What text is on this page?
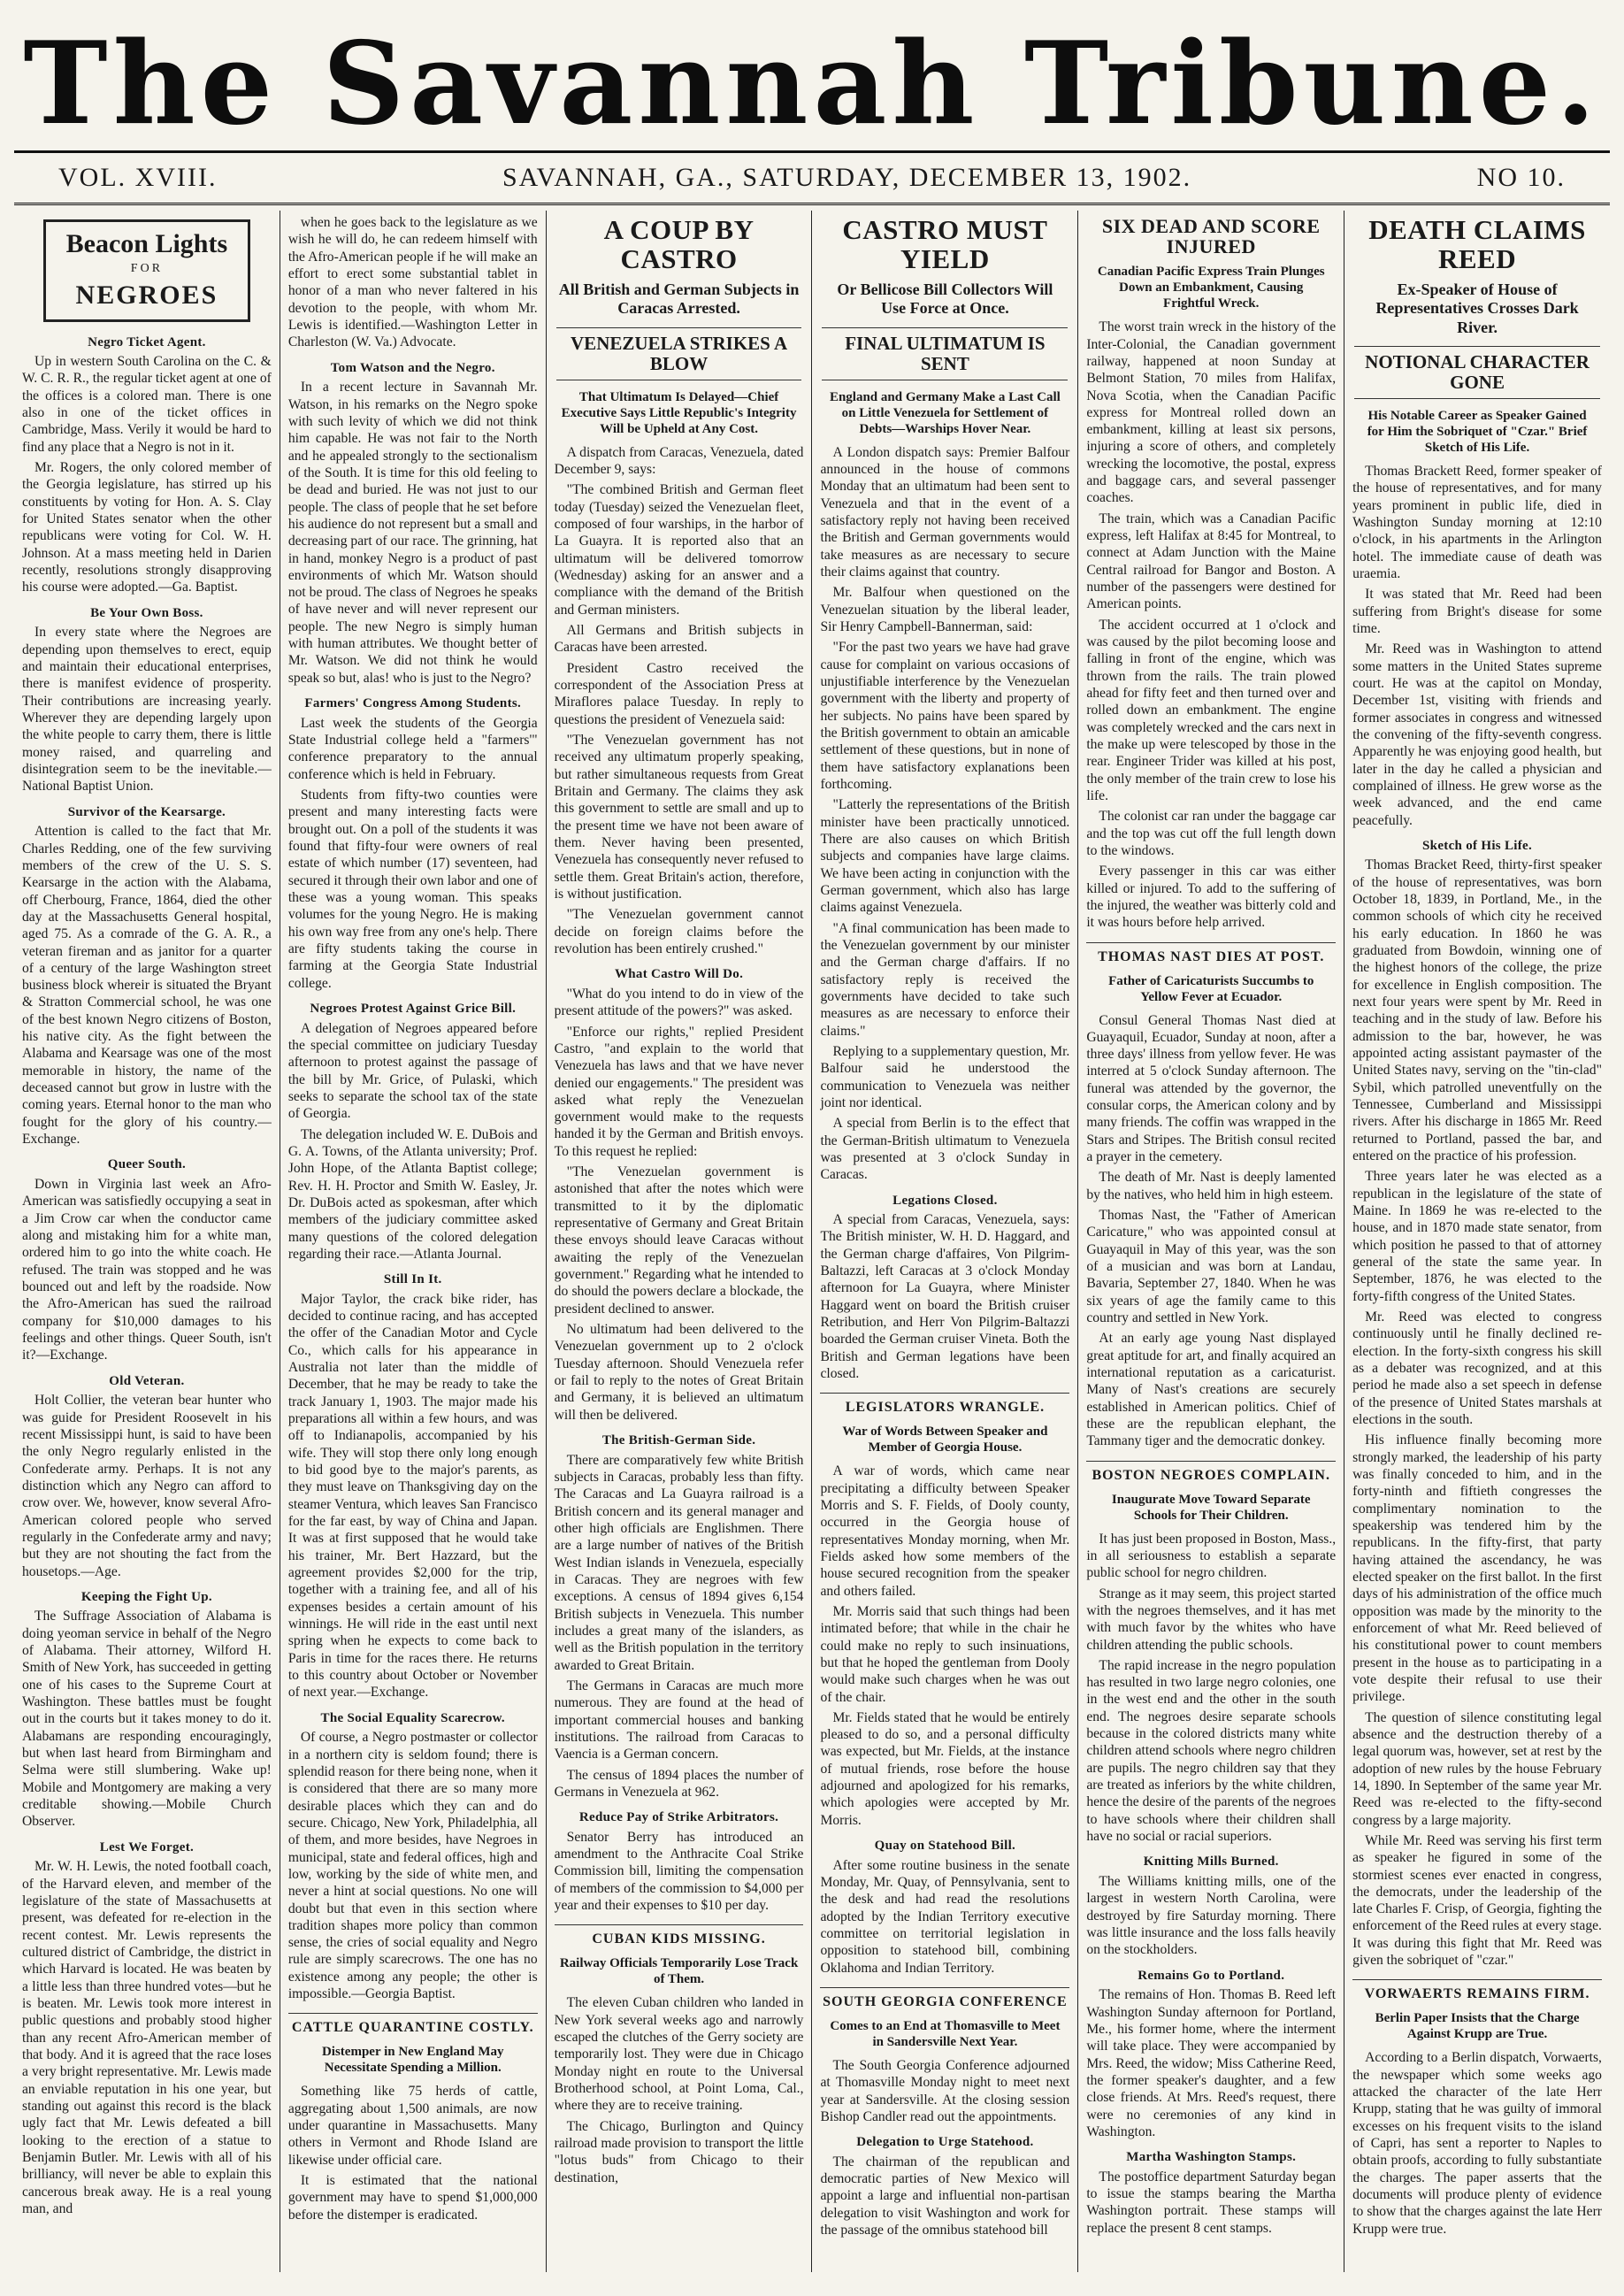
The Savannah Tribune.
VOL. XVIII.	SAVANNAH, GA., SATURDAY, DECEMBER 13, 1902.	NO 10.
Beacon Lights
FOR
NEGROES
Negro Ticket Agent.

Up in western South Carolina on the C. & W. C. R. R., the regular ticket agent at one of the offices is a colored man. There is one also in one of the ticket offices in Cambridge, Mass. Verily it would be hard to find any place that a Negro is not in it.

Mr. Rogers, the only colored member of the Georgia legislature, has stirred up his constituents by voting for Hon. A. S. Clay for United States senator when the other republicans were voting for Col. W. H. Johnson. At a mass meeting held in Darien recently, resolutions strongly disapproving his course were adopted.—Ga. Baptist.

Be Your Own Boss.

In every state where the Negroes are depending upon themselves to erect, equip and maintain their educational enterprises, there is manifest evidence of prosperity. Their contributions are increasing yearly. Wherever they are depending largely upon the white people to carry them, there is little money raised, and quarreling and disintegration seem to be the inevitable.—National Baptist Union.

Survivor of the Kearsarge.

Attention is called to the fact that Mr. Charles Redding, one of the few surviving members of the crew of the U. S. S. Kearsarge in the action with the Alabama, off Cherbourg, France, 1864, died the other day at the Massachusetts General hospital, aged 75. As a comrade of the G. A. R., a veteran fireman and as janitor for a quarter of a century of the large Washington street business block whereir is situated the Bryant & Stratton Commercial school, he was one of the best known Negro citizens of Boston, his native city. As the fight between the Alabama and Kearsage was one of the most memorable in history, the name of the deceased cannot but grow in lustre with the coming years. Eternal honor to the man who fought for the glory of his country.—Exchange.

Queer South.

Down in Virginia last week an Afro-American was satisfiedly occupying a seat in a Jim Crow car when the conductor came along and mistaking him for a white man, ordered him to go into the white coach. He refused. The train was stopped and he was bounced out and left by the roadside. Now the Afro-American has sued the railroad company for $10,000 damages to his feelings and other things. Queer South, isn't it?—Exchange.

Old Veteran.

Holt Collier, the veteran bear hunter who was guide for President Roosevelt in his recent Mississippi hunt, is said to have been the only Negro regularly enlisted in the Confederate army. Perhaps. It is not any distinction which any Negro can afford to crow over. We, however, know several Afro-American colored people who served regularly in the Confederate army and navy; but they are not shouting the fact from the housetops.—Age.

Keeping the Fight Up.

The Suffrage Association of Alabama is doing yeoman service in behalf of the Negro of Alabama. Their attorney, Wilford H. Smith of New York, has succeeded in getting one of his cases to the Supreme Court at Washington. These battles must be fought out in the courts but it takes money to do it. Alabamans are responding encouragingly, but when last heard from Birmingham and Selma were still slumbering. Wake up! Mobile and Montgomery are making a very creditable showing.—Mobile Church Observer.

Lest We Forget.

Mr. W. H. Lewis, the noted football coach, of the Harvard eleven, and member of the legislature of the state of Massachusetts at present, was defeated for re-election in the recent contest. Mr. Lewis represents the cultured district of Cambridge, the district in which Harvard is located. He was beaten by a little less than three hundred votes—but he is beaten. Mr. Lewis took more interest in public questions and probably stood higher than any recent Afro-American member of that body. And it is agreed that the race loses a very bright representative. Mr. Lewis made an enviable reputation in his one year, but standing out against this record is the black ugly fact that Mr. Lewis defeated a bill looking to the erection of a statue to Benjamin Butler. Mr. Lewis with all of his brilliancy, will never be able to explain this cancerous break away. He is a real young man, and

when he goes back to the legislature as we wish he will do, he can redeem himself with the Afro-American people if he will make an effort to erect some substantial tablet in honor of a man who never faltered in his devotion to the people, with whom Mr. Lewis is identified.—Washington Letter in Charleston (W. Va.) Advocate.

Tom Watson and the Negro.

In a recent lecture in Savannah Mr. Watson, in his remarks on the Negro spoke with such levity of which we did not think him capable. He was not fair to the North and he appealed strongly to the sectionalism of the South. It is time for this old feeling to be dead and buried. He was not just to our people. The class of people that he set before his audience do not represent but a small and decreasing part of our race. The grinning, hat in hand, monkey Negro is a product of past environments of which Mr. Watson should not be proud. The class of Negroes he speaks of have never and will never represent our people. The new Negro is simply human with human attributes. We thought better of Mr. Watson. We did not think he would speak so but, alas! who is just to the Negro?

Farmers' Congress Among Students.

Last week the students of the Georgia State Industrial college held a "farmers'" conference preparatory to the annual conference which is held in February.

Students from fifty-two counties were present and many interesting facts were brought out. On a poll of the students it was found that fifty-four were owners of real estate of which number (17) seventeen, had secured it through their own labor and one of these was a young woman. This speaks volumes for the young Negro. He is making his own way free from any one's help. There are fifty students taking the course in farming at the Georgia State Industrial college.

Negroes Protest Against Grice Bill.

A delegation of Negroes appeared before the special committee on judiciary Tuesday afternoon to protest against the passage of the bill by Mr. Grice, of Pulaski, which seeks to separate the school tax of the state of Georgia.

The delegation included W. E. DuBois and G. A. Towns, of the Atlanta university; Prof. John Hope, of the Atlanta Baptist college; Rev. H. H. Proctor and Smith W. Easley, Jr. Dr. DuBois acted as spokesman, after which members of the judiciary committee asked many questions of the colored delegation regarding their race.—Atlanta Journal.

Still In It.

Major Taylor, the crack bike rider, has decided to continue racing, and has accepted the offer of the Canadian Motor and Cycle Co., which calls for his appearance in Australia not later than the middle of December, that he may be ready to take the track January 1, 1903. The major made his preparations all within a few hours, and was off to Indianapolis, accompanied by his wife. They will stop there only long enough to bid good bye to the major's parents, as they must leave on Thanksgiving day on the steamer Ventura, which leaves San Francisco for the far east, by way of China and Japan. It was at first supposed that he would take his trainer, Mr. Bert Hazzard, but the agreement provides $2,000 for the trip, together with a training fee, and all of his expenses besides a certain amount of his winnings. He will ride in the east until next spring when he expects to come back to Paris in time for the races there. He returns to this country about October or November of next year.—Exchange.

The Social Equality Scarecrow.

Of course, a Negro postmaster or collector in a northern city is seldom found; there is splendid reason for there being none, when it is considered that there are so many more desirable places which they can and do secure. Chicago, New York, Philadelphia, all of them, and more besides, have Negroes in municipal, state and federal offices, high and low, working by the side of white men, and never a hint at social questions. No one will doubt but that even in this section where tradition shapes more policy than common sense, the cries of social equality and Negro rule are simply scarecrows. The one has no existence among any people; the other is impossible.—Georgia Baptist.

CATTLE QUARANTINE COSTLY.
Distemper in New England May Necessitate Spending a Million.

Something like 75 herds of cattle, aggregating about 1,500 animals, are now under quarantine in Massachusetts. Many others in Vermont and Rhode Island are likewise under official care.

It is estimated that the national government may have to spend $1,000,000 before the distemper is eradicated.

A COUP BY CASTRO
All British and German Subjects in Caracas Arrested.
VENEZUELA STRIKES A BLOW
That Ultimatum Is Delayed—Chief Executive Says Little Republic's Integrity Will be Upheld at Any Cost.

A dispatch from Caracas, Venezuela, dated December 9, says:

"The combined British and German fleet today (Tuesday) seized the Venezuelan fleet, composed of four warships, in the harbor of La Guayra. It is reported also that an ultimatum will be delivered tomorrow (Wednesday) asking for an answer and a compliance with the demand of the British and German ministers.

All Germans and British subjects in Caracas have been arrested.

President Castro received the correspondent of the Association Press at Miraflores palace Tuesday. In reply to questions the president of Venezuela said:

"The Venezuelan government has not received any ultimatum properly speaking, but rather simultaneous requests from Great Britain and Germany. The claims they ask this government to settle are small and up to the present time we have not been aware of them. Never having been presented, Venezuela has consequently never refused to settle them. Great Britain's action, therefore, is without justification.

"The Venezuelan government cannot decide on foreign claims before the revolution has been entirely crushed."

What Castro Will Do.

"What do you intend to do in view of the present attitude of the powers?" was asked.

"Enforce our rights," replied President Castro, "and explain to the world that Venezuela has laws and that we have never denied our engagements." The president was asked what reply the Venezuelan government would make to the requests handed it by the German and British envoys. To this request he replied:

"The Venezuelan government is astonished that after the notes which were transmitted to it by the diplomatic representative of Germany and Great Britain these envoys should leave Caracas without awaiting the reply of the Venezuelan government." Regarding what he intended to do should the powers declare a blockade, the president declined to answer.

No ultimatum had been delivered to the Venezuelan government up to 2 o'clock Tuesday afternoon. Should Venezuela refer or fail to reply to the notes of Great Britain and Germany, it is believed an ultimatum will then be delivered.

The British-German Side.

There are comparatively few white British subjects in Caracas, probably less than fifty. The Caracas and La Guayra railroad is a British concern and its general manager and other high officials are Englishmen. There are a large number of natives of the British West Indian islands in Venezuela, especially in Caracas. They are negroes with few exceptions. A census of 1894 gives 6,154 British subjects in Venezuela. This number includes a great many of the islanders, as well as the British population in the territory awarded to Great Britain.

The Germans in Caracas are much more numerous. They are found at the head of important commercial houses and banking institutions. The railroad from Caracas to Vaencia is a German concern.

The census of 1894 places the number of Germans in Venezuela at 962.

Reduce Pay of Strike Arbitrators.

Senator Berry has introduced an amendment to the Anthracite Coal Strike Commission bill, limiting the compensation of members of the commission to $4,000 per year and their expenses to $10 per day.

CUBAN KIDS MISSING.
Railway Officials Temporarily Lose Track of Them.

The eleven Cuban children who landed in New York several weeks ago and narrowly escaped the clutches of the Gerry society are temporarily lost. They were due in Chicago Monday night en route to the Universal Brotherhood school, at Point Loma, Cal., where they are to receive training.

The Chicago, Burlington and Quincy railroad made provision to transport the little "lotus buds" from Chicago to their destination,

CASTRO MUST YIELD
Or Bellicose Bill Collectors Will Use Force at Once.
FINAL ULTIMATUM IS SENT
England and Germany Make a Last Call on Little Venezuela for Settlement of Debts—Warships Hover Near.

A London dispatch says: Premier Balfour announced in the house of commons Monday that an ultimatum had been sent to Venezuela and that in the event of a satisfactory reply not having been received the British and German governments would take measures as are necessary to secure their claims against that country.

Mr. Balfour when questioned on the Venezuelan situation by the liberal leader, Sir Henry Campbell-Bannerman, said:

"For the past two years we have had grave cause for complaint on various occasions of unjustifiable interference by the Venezuelan government with the liberty and property of her subjects. No pains have been spared by the British government to obtain an amicable settlement of these questions, but in none of them have satisfactory explanations been forthcoming.

"Latterly the representations of the British minister have been practically unnoticed. There are also causes on which British subjects and companies have large claims. We have been acting in conjunction with the German government, which also has large claims against Venezuela.

"A final communication has been made to the Venezuelan government by our minister and the German charge d'affairs. If no satisfactory reply is received the governments have decided to take such measures as are necessary to enforce their claims."

Replying to a supplementary question, Mr. Balfour said he understood the communication to Venezuela was neither joint nor identical.

A special from Berlin is to the effect that the German-British ultimatum to Venezuela was presented at 3 o'clock Sunday in Caracas.

Legations Closed.

A special from Caracas, Venezuela, says: The British minister, W. H. D. Haggard, and the German charge d'affaires, Von Pilgrim-Baltazzi, left Caracas at 3 o'clock Monday afternoon for La Guayra, where Minister Haggard went on board the British cruiser Retribution, and Herr Von Pilgrim-Baltazzi boarded the German cruiser Vineta. Both the British and German legations have been closed.

LEGISLATORS WRANGLE.
War of Words Between Speaker and Member of Georgia House.

A war of words, which came near precipitating a difficulty between Speaker Morris and S. F. Fields, of Dooly county, occurred in the Georgia house of representatives Monday morning, when Mr. Fields asked how some members of the house secured recognition from the speaker and others failed.

Mr. Morris said that such things had been intimated before; that while in the chair he could make no reply to such insinuations, but that he hoped the gentleman from Dooly would make such charges when he was out of the chair.

Mr. Fields stated that he would be entirely pleased to do so, and a personal difficulty was expected, but Mr. Fields, at the instance of mutual friends, rose before the house adjourned and apologized for his remarks, which apologies were accepted by Mr. Morris.

Quay on Statehood Bill.

After some routine business in the senate Monday, Mr. Quay, of Pennsylvania, sent to the desk and had read the resolutions adopted by the Indian Territory executive committee on territorial legislation in opposition to statehood bill, combining Oklahoma and Indian Territory.

SOUTH GEORGIA CONFERENCE
Comes to an End at Thomasville to Meet in Sandersville Next Year.

The South Georgia Conference adjourned at Thomasville Monday night to meet next year at Sandersville. At the closing session Bishop Candler read out the appointments.

Delegation to Urge Statehood.

The chairman of the republican and democratic parties of New Mexico will appoint a large and influential non-partisan delegation to visit Washington and work for the passage of the omnibus statehood bill

SIX DEAD AND SCORE INJURED
Canadian Pacific Express Train Plunges Down an Embankment, Causing Frightful Wreck.

The worst train wreck in the history of the Inter-Colonial, the Canadian government railway, happened at noon Sunday at Belmont Station, 70 miles from Halifax, Nova Scotia, when the Canadian Pacific express for Montreal rolled down an embankment, killing at least six persons, injuring a score of others, and completely wrecking the locomotive, the postal, express and baggage cars, and several passenger coaches.

The train, which was a Canadian Pacific express, left Halifax at 8:45 for Montreal, to connect at Adam Junction with the Maine Central railroad for Bangor and Boston. A number of the passengers were destined for American points.

The accident occurred at 1 o'clock and was caused by the pilot becoming loose and falling in front of the engine, which was thrown from the rails. The train plowed ahead for fifty feet and then turned over and rolled down an embankment. The engine was completely wrecked and the cars next in the make up were telescoped by those in the rear. Engineer Trider was killed at his post, the only member of the train crew to lose his life.

The colonist car ran under the baggage car and the top was cut off the full length down to the windows.

Every passenger in this car was either killed or injured. To add to the suffering of the injured, the weather was bitterly cold and it was hours before help arrived.

THOMAS NAST DIES AT POST.
Father of Caricaturists Succumbs to Yellow Fever at Ecuador.

Consul General Thomas Nast died at Guayaquil, Ecuador, Sunday at noon, after a three days' illness from yellow fever. He was interred at 5 o'clock Sunday afternoon. The funeral was attended by the governor, the consular corps, the American colony and by many friends. The coffin was wrapped in the Stars and Stripes. The British consul recited a prayer in the cemetery.

The death of Mr. Nast is deeply lamented by the natives, who held him in high esteem.

Thomas Nast, the "Father of American Caricature," who was appointed consul at Guayaquil in May of this year, was the son of a musician and was born at Landau, Bavaria, September 27, 1840. When he was six years of age the family came to this country and settled in New York.

At an early age young Nast displayed great aptitude for art, and finally acquired an international reputation as a caricaturist. Many of Nast's creations are securely established in American politics. Chief of these are the republican elephant, the Tammany tiger and the democratic donkey.

BOSTON NEGROES COMPLAIN.
Inaugurate Move Toward Separate Schools for Their Children.

It has just been proposed in Boston, Mass., in all seriousness to establish a separate public school for negro children.

Strange as it may seem, this project started with the negroes themselves, and it has met with much favor by the whites who have children attending the public schools.

The rapid increase in the negro population has resulted in two large negro colonies, one in the west end and the other in the south end. The negroes desire separate schools because in the colored districts many white children attend schools where negro children are pupils. The negro children say that they are treated as inferiors by the white children, hence the desire of the parents of the negroes to have schools where their children shall have no social or racial superiors.

Knitting Mills Burned.

The Williams knitting mills, one of the largest in western North Carolina, were destroyed by fire Saturday morning. There was little insurance and the loss falls heavily on the stockholders.

Remains Go to Portland.

The remains of Hon. Thomas B. Reed left Washington Sunday afternoon for Portland, Me., his former home, where the interment will take place. They were accompanied by Mrs. Reed, the widow; Miss Catherine Reed, the former speaker's daughter, and a few close friends. At Mrs. Reed's request, there were no ceremonies of any kind in Washington.

Martha Washington Stamps.

The postoffice department Saturday began to issue the stamps bearing the Martha Washington portrait. These stamps will replace the present 8 cent stamps.

DEATH CLAIMS REED
Ex-Speaker of House of Representatives Crosses Dark River.
NOTIONAL CHARACTER GONE
His Notable Career as Speaker Gained for Him the Sobriquet of "Czar." Brief Sketch of His Life.

Thomas Brackett Reed, former speaker of the house of representatives, and for many years prominent in public life, died in Washington Sunday morning at 12:10 o'clock, in his apartments in the Arlington hotel. The immediate cause of death was uraemia.

It was stated that Mr. Reed had been suffering from Bright's disease for some time.

Mr. Reed was in Washington to attend some matters in the United States supreme court. He was at the capitol on Monday, December 1st, visiting with friends and former associates in congress and witnessed the convening of the fifty-seventh congress. Apparently he was enjoying good health, but later in the day he called a physician and complained of illness. He grew worse as the week advanced, and the end came peacefully.

Sketch of His Life.

Thomas Bracket Reed, thirty-first speaker of the house of representatives, was born October 18, 1839, in Portland, Me., in the common schools of which city he received his early education. In 1860 he was graduated from Bowdoin, winning one of the highest honors of the college, the prize for excellence in English composition. The next four years were spent by Mr. Reed in teaching and in the study of law. Before his admission to the bar, however, he was appointed acting assistant paymaster of the United States navy, serving on the "tin-clad" Sybil, which patrolled uneventfully on the Tennessee, Cumberland and Mississippi rivers. After his discharge in 1865 Mr. Reed returned to Portland, passed the bar, and entered on the practice of his profession.

Three years later he was elected as a republican in the legislature of the state of Maine. In 1869 he was re-elected to the house, and in 1870 made state senator, from which position he passed to that of attorney general of the state the same year. In September, 1876, he was elected to the forty-fifth congress of the United States.

Mr. Reed was elected to congress continuously until he finally declined re-election. In the forty-sixth congress his skill as a debater was recognized, and at this period he made also a set speech in defense of the presence of United States marshals at elections in the south.

His influence finally becoming more strongly marked, the leadership of his party was finally conceded to him, and in the forty-ninth and fiftieth congresses the complimentary nomination to the speakership was tendered him by the republicans. In the fifty-first, that party having attained the ascendancy, he was elected speaker on the first ballot. In the first days of his administration of the office much opposition was made by the minority to the enforcement of what Mr. Reed believed of his constitutional power to count members present in the house as to participating in a vote despite their refusal to use their privilege.

The question of silence constituting legal absence and the destruction thereby of a legal quorum was, however, set at rest by the adoption of new rules by the house February 14, 1890. In September of the same year Mr. Reed was re-elected to the fifty-second congress by a large majority.

While Mr. Reed was serving his first term as speaker he figured in some of the stormiest scenes ever enacted in congress, the democrats, under the leadership of the late Charles F. Crisp, of Georgia, fighting the enforcement of the Reed rules at every stage. It was during this fight that Mr. Reed was given the sobriquet of "czar."

VORWAERTS REMAINS FIRM.
Berlin Paper Insists that the Charge Against Krupp are True.

According to a Berlin dispatch, Vorwaerts, the newspaper which some weeks ago attacked the character of the late Herr Krupp, stating that he was guilty of immoral excesses on his frequent visits to the island of Capri, has sent a reporter to Naples to obtain proofs, according to fully substantiate the charges. The paper asserts that the documents will produce plenty of evidence to show that the charges against the late Herr Krupp were true.
